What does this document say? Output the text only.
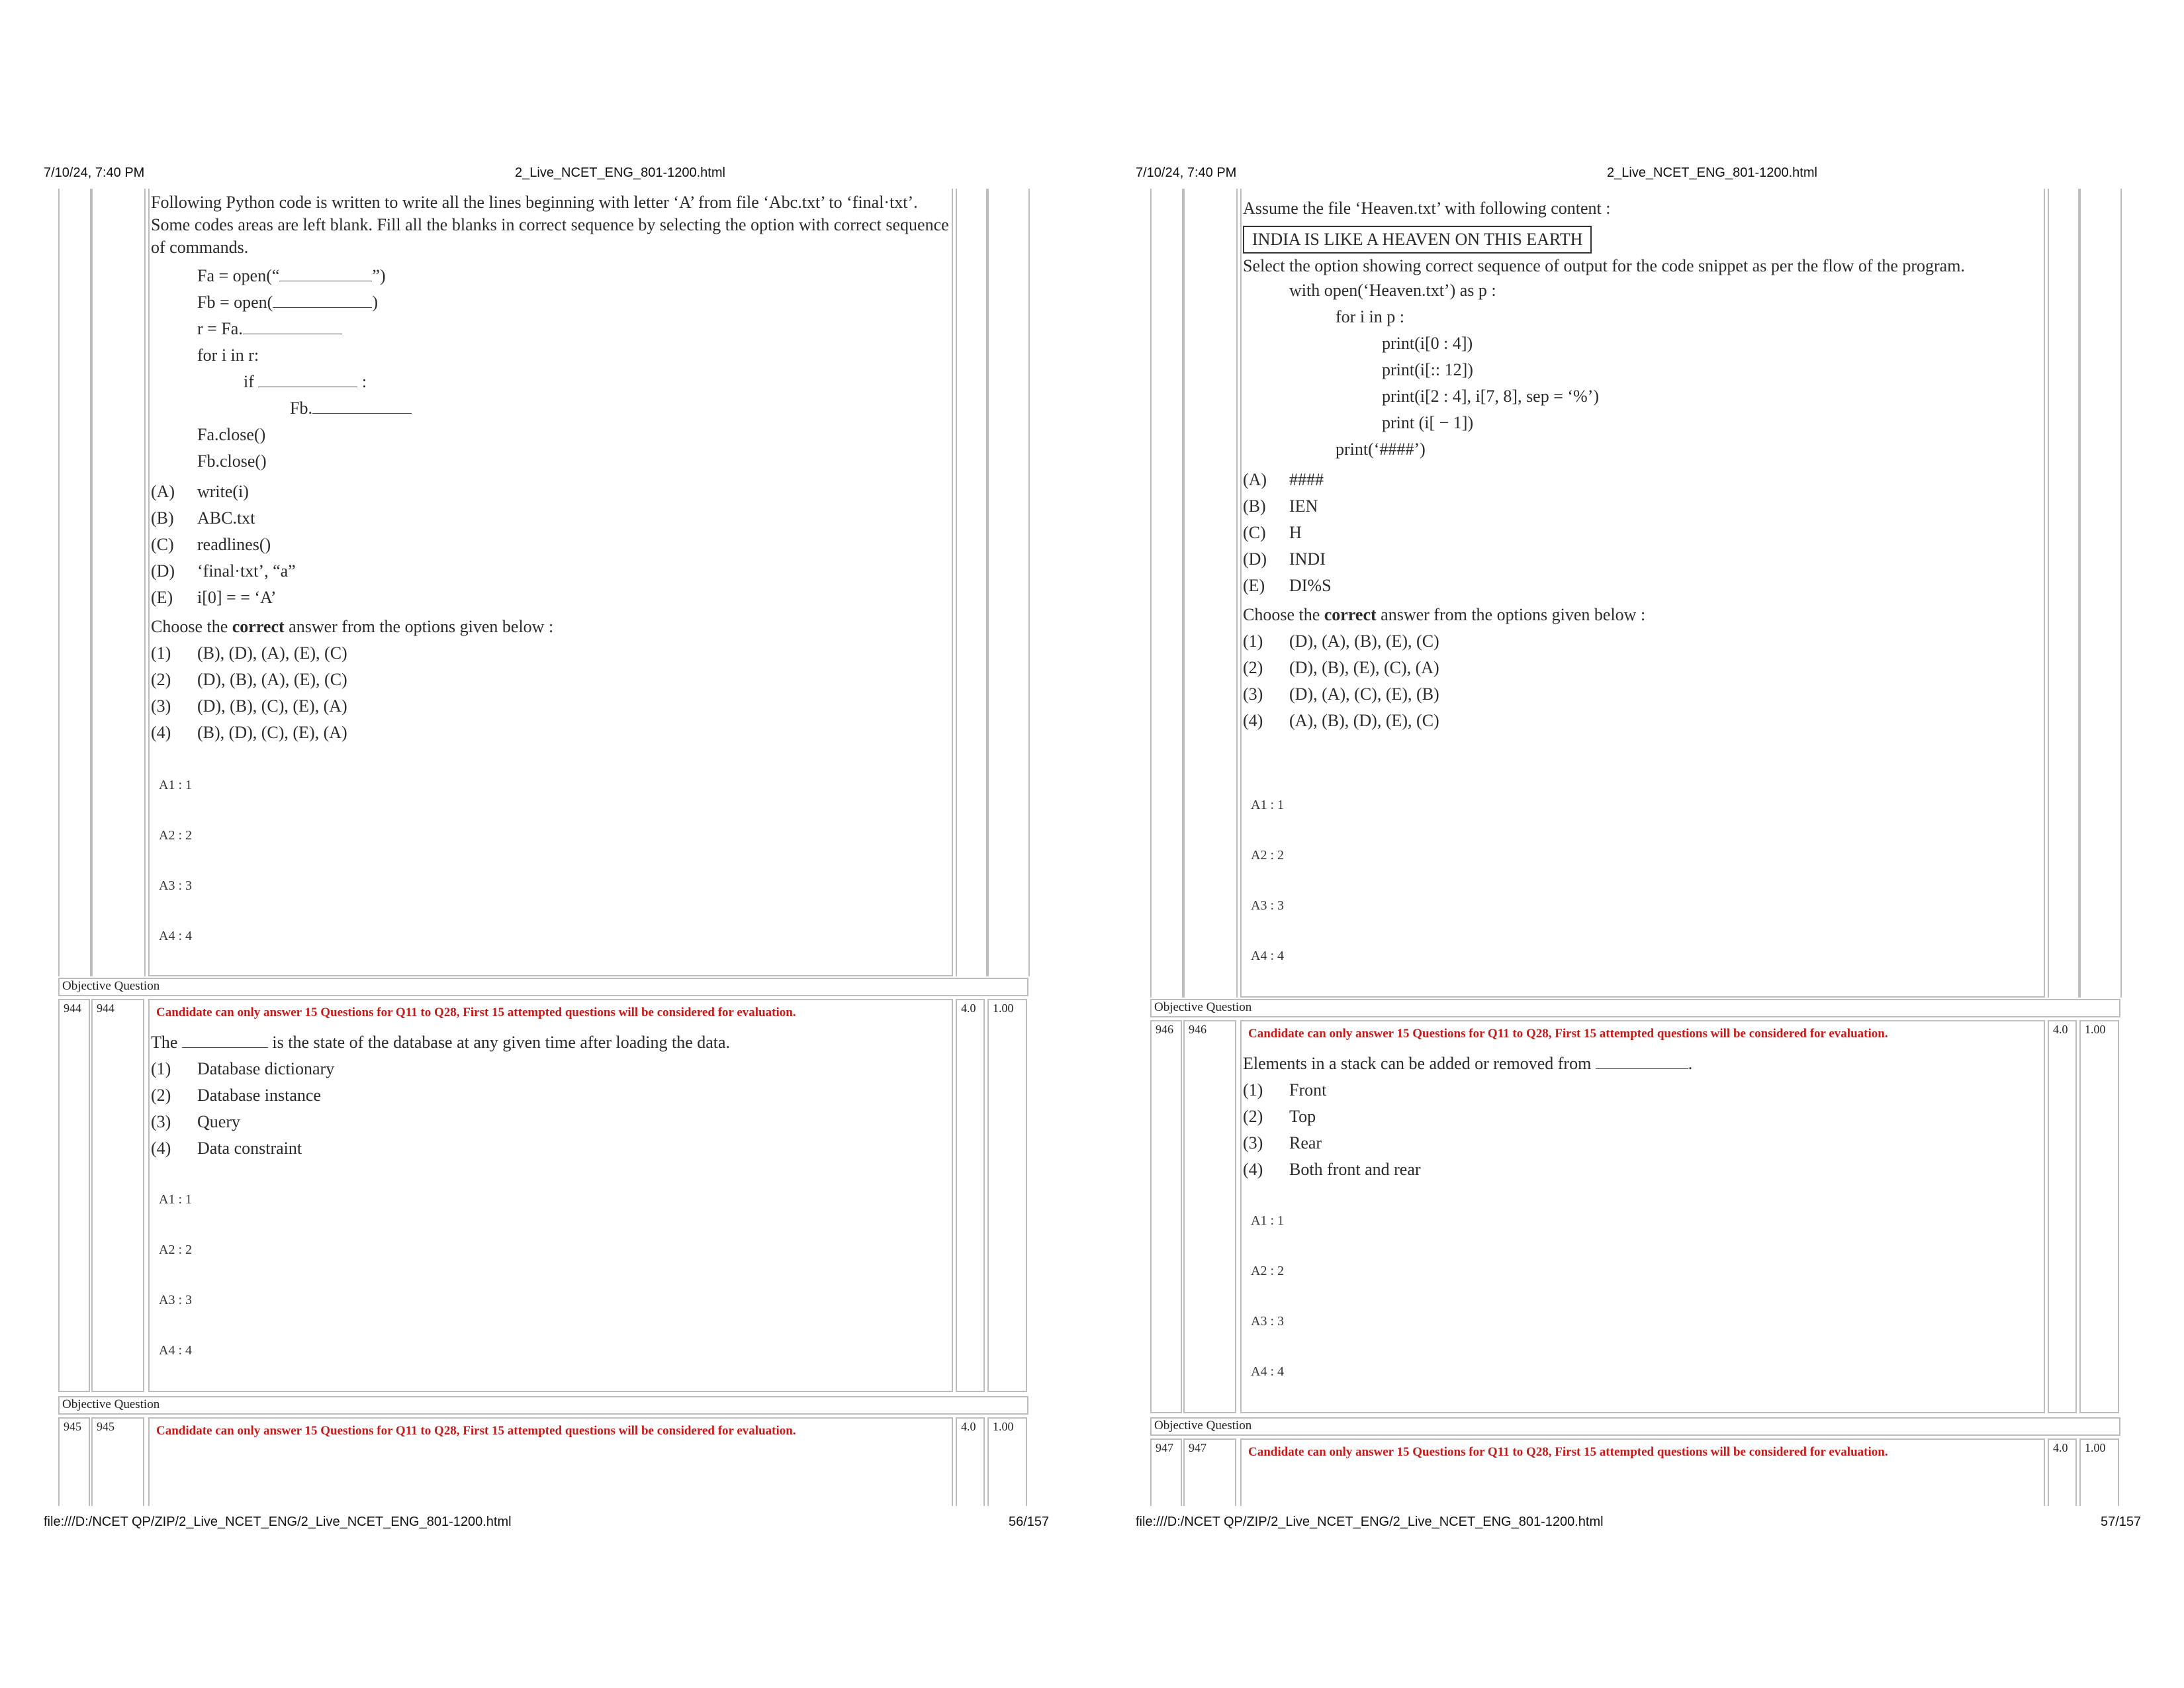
7/10/24, 7:40 PM	2_Live_NCET_ENG_801-1200.html
Following Python code is written to write all the lines beginning with letter ‘A’ from file ‘Abc.txt’ to ‘final·txt’. Some codes areas are left blank. Fill all the blanks in correct sequence by selecting the option with correct sequence of commands.
Fa = open(“	”)
Fb = open(	)
r = Fa.
for i in r:
if	:
Fb.
Fa.close()
Fb.close()
(A)	write(i)
(B)	ABC.txt
(C)	readlines()
(D)	‘final·txt’, “a”
(E)	i[0] = = ‘A’
Choose the correct answer from the options given below :
(1)	(B), (D), (A), (E), (C)
(2)	(D), (B), (A), (E), (C)
(3)	(D), (B), (C), (E), (A)
(4)	(B), (D), (C), (E), (A)
A1 : 1
A2 : 2
A3 : 3
A4 : 4
Objective Question
944 944	Candidate can only answer 15 Questions for Q11 to Q28, First 15 attempted questions will be considered for evaluation.	4.0 1.00
The	is the state of the database at any given time after loading the data.
(1)	Database dictionary
(2)	Database instance
(3)	Query
(4)	Data constraint
A1 : 1
A2 : 2
A3 : 3
A4 : 4
Objective Question
945 945	Candidate can only answer 15 Questions for Q11 to Q28, First 15 attempted questions will be considered for evaluation.	4.0 1.00
file:///D:/NCET QP/ZIP/2_Live_NCET_ENG/2_Live_NCET_ENG_801-1200.html	56/157
7/10/24, 7:40 PM	2_Live_NCET_ENG_801-1200.html
Assume the file ‘Heaven.txt’ with following content :
INDIA IS LIKE A HEAVEN ON THIS EARTH
Select the option showing correct sequence of output for the code snippet as per the flow of the program.
with open(‘Heaven.txt’) as p :
for i in p :
print(i[0 : 4])
print(i[:: 12])
print(i[2 : 4], i[7, 8], sep = ‘%’)
print (i[ − 1])
print(‘####’)
(A)	####
(B)	IEN
(C)	H
(D)	INDI
(E)	DI%S
Choose the correct answer from the options given below :
(1)	(D), (A), (B), (E), (C)
(2)	(D), (B), (E), (C), (A)
(3)	(D), (A), (C), (E), (B)
(4)	(A), (B), (D), (E), (C)
A1 : 1
A2 : 2
A3 : 3
A4 : 4
Objective Question
946 946	Candidate can only answer 15 Questions for Q11 to Q28, First 15 attempted questions will be considered for evaluation.	4.0 1.00
Elements in a stack can be added or removed from	.
(1)	Front
(2)	Top
(3)	Rear
(4)	Both front and rear
A1 : 1
A2 : 2
A3 : 3
A4 : 4
Objective Question
947 947	Candidate can only answer 15 Questions for Q11 to Q28, First 15 attempted questions will be considered for evaluation.	4.0 1.00
file:///D:/NCET QP/ZIP/2_Live_NCET_ENG/2_Live_NCET_ENG_801-1200.html	57/157
